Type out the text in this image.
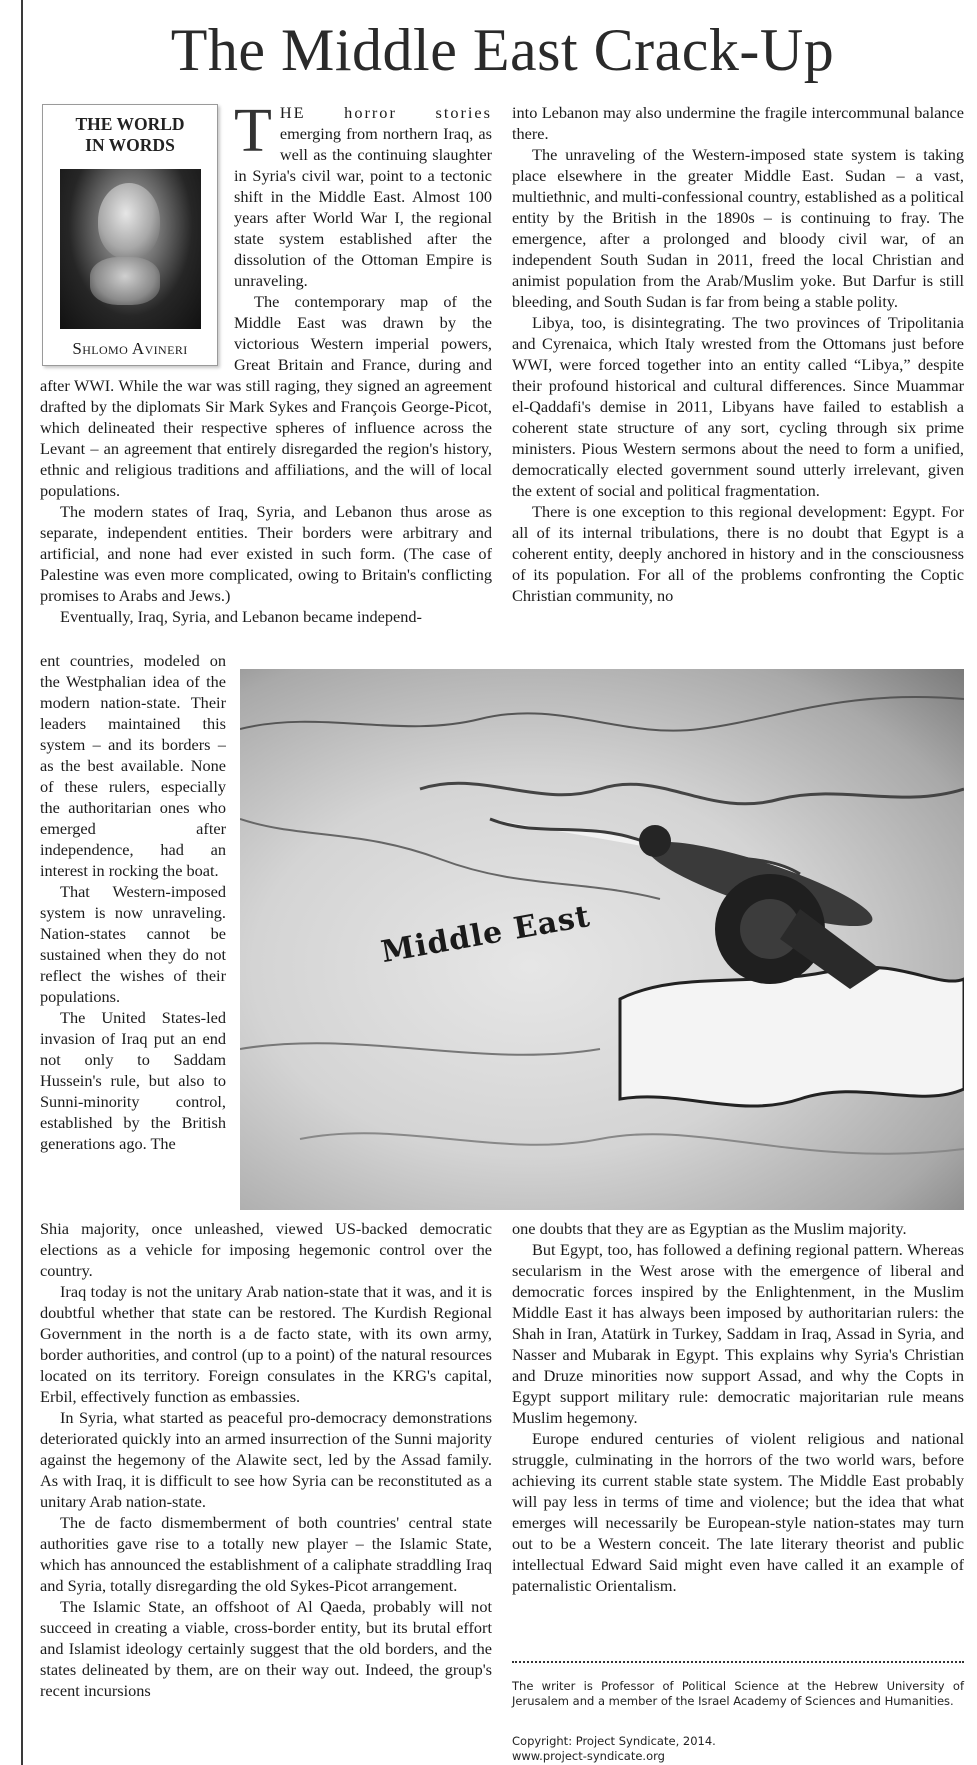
The Middle East Crack-Up
THE WORLD
IN WORDS
Shlomo Avineri

THE horror stories emerging from northern Iraq, as well as the continuing slaughter in Syria's civil war, point to a tectonic shift in the Middle East. Almost 100 years after World War I, the regional state system established after the dissolution of the Ottoman Empire is unraveling.

The contemporary map of the Middle East was drawn by the victorious Western imperial powers, Great Britain and France, during and after WWI. While the war was still raging, they signed an agreement drafted by the diplomats Sir Mark Sykes and François George-Picot, which delineated their respective spheres of influence across the Levant – an agreement that entirely disregarded the region's history, ethnic and religious traditions and affiliations, and the will of local populations.

The modern states of Iraq, Syria, and Lebanon thus arose as separate, independent entities. Their borders were arbitrary and artificial, and none had ever existed in such form. (The case of Palestine was even more complicated, owing to Britain's conflicting promises to Arabs and Jews.)

Eventually, Iraq, Syria, and Lebanon became independ-

ent countries, modeled on the Westphalian idea of the modern nation-state. Their leaders maintained this system – and its borders – as the best available. None of these rulers, especially the authoritarian ones who emerged after independence, had an interest in rocking the boat.

That Western-imposed system is now unraveling. Nation-states cannot be sustained when they do not reflect the wishes of their populations.

The United States-led invasion of Iraq put an end not only to Saddam Hussein's rule, but also to Sunni-minority control, established by the British generations ago. The

Shia majority, once unleashed, viewed US-backed democratic elections as a vehicle for imposing hegemonic control over the country.

Iraq today is not the unitary Arab nation-state that it was, and it is doubtful whether that state can be restored. The Kurdish Regional Government in the north is a de facto state, with its own army, border authorities, and control (up to a point) of the natural resources located on its territory. Foreign consulates in the KRG's capital, Erbil, effectively function as embassies.

In Syria, what started as peaceful pro-democracy demonstrations deteriorated quickly into an armed insurrection of the Sunni majority against the hegemony of the Alawite sect, led by the Assad family. As with Iraq, it is difficult to see how Syria can be reconstituted as a unitary Arab nation-state.

The de facto dismemberment of both countries' central state authorities gave rise to a totally new player – the Islamic State, which has announced the establishment of a caliphate straddling Iraq and Syria, totally disregarding the old Sykes-Picot arrangement.

The Islamic State, an offshoot of Al Qaeda, probably will not succeed in creating a viable, cross-border entity, but its brutal effort and Islamist ideology certainly suggest that the old borders, and the states delineated by them, are on their way out. Indeed, the group's recent incursions

into Lebanon may also undermine the fragile intercommunal balance there.

The unraveling of the Western-imposed state system is taking place elsewhere in the greater Middle East. Sudan – a vast, multiethnic, and multi-confessional country, established as a political entity by the British in the 1890s – is continuing to fray. The emergence, after a prolonged and bloody civil war, of an independent South Sudan in 2011, freed the local Christian and animist population from the Arab/Muslim yoke. But Darfur is still bleeding, and South Sudan is far from being a stable polity.

Libya, too, is disintegrating. The two provinces of Tripolitania and Cyrenaica, which Italy wrested from the Ottomans just before WWI, were forced together into an entity called “Libya,” despite their profound historical and cultural differences. Since Muammar el-Qaddafi's demise in 2011, Libyans have failed to establish a coherent state structure of any sort, cycling through six prime ministers. Pious Western sermons about the need to form a unified, democratically elected government sound utterly irrelevant, given the extent of social and political fragmentation.

There is one exception to this regional development: Egypt. For all of its internal tribulations, there is no doubt that Egypt is a coherent entity, deeply anchored in history and in the consciousness of its population. For all of the problems confronting the Coptic Christian community, no

Middle East

one doubts that they are as Egyptian as the Muslim majority.

But Egypt, too, has followed a defining regional pattern. Whereas secularism in the West arose with the emergence of liberal and democratic forces inspired by the Enlightenment, in the Muslim Middle East it has always been imposed by authoritarian rulers: the Shah in Iran, Atatürk in Turkey, Saddam in Iraq, Assad in Syria, and Nasser and Mubarak in Egypt. This explains why Syria's Christian and Druze minorities now support Assad, and why the Copts in Egypt support military rule: democratic majoritarian rule means Muslim hegemony.

Europe endured centuries of violent religious and national struggle, culminating in the horrors of the two world wars, before achieving its current stable state system. The Middle East probably will pay less in terms of time and violence; but the idea that what emerges will necessarily be European-style nation-states may turn out to be a Western conceit. The late literary theorist and public intellectual Edward Said might even have called it an example of paternalistic Orientalism.

The writer is Professor of Political Science at the Hebrew University of Jerusalem and a member of the Israel Academy of Sciences and Humanities.
Copyright: Project Syndicate, 2014.
www.project-syndicate.org
